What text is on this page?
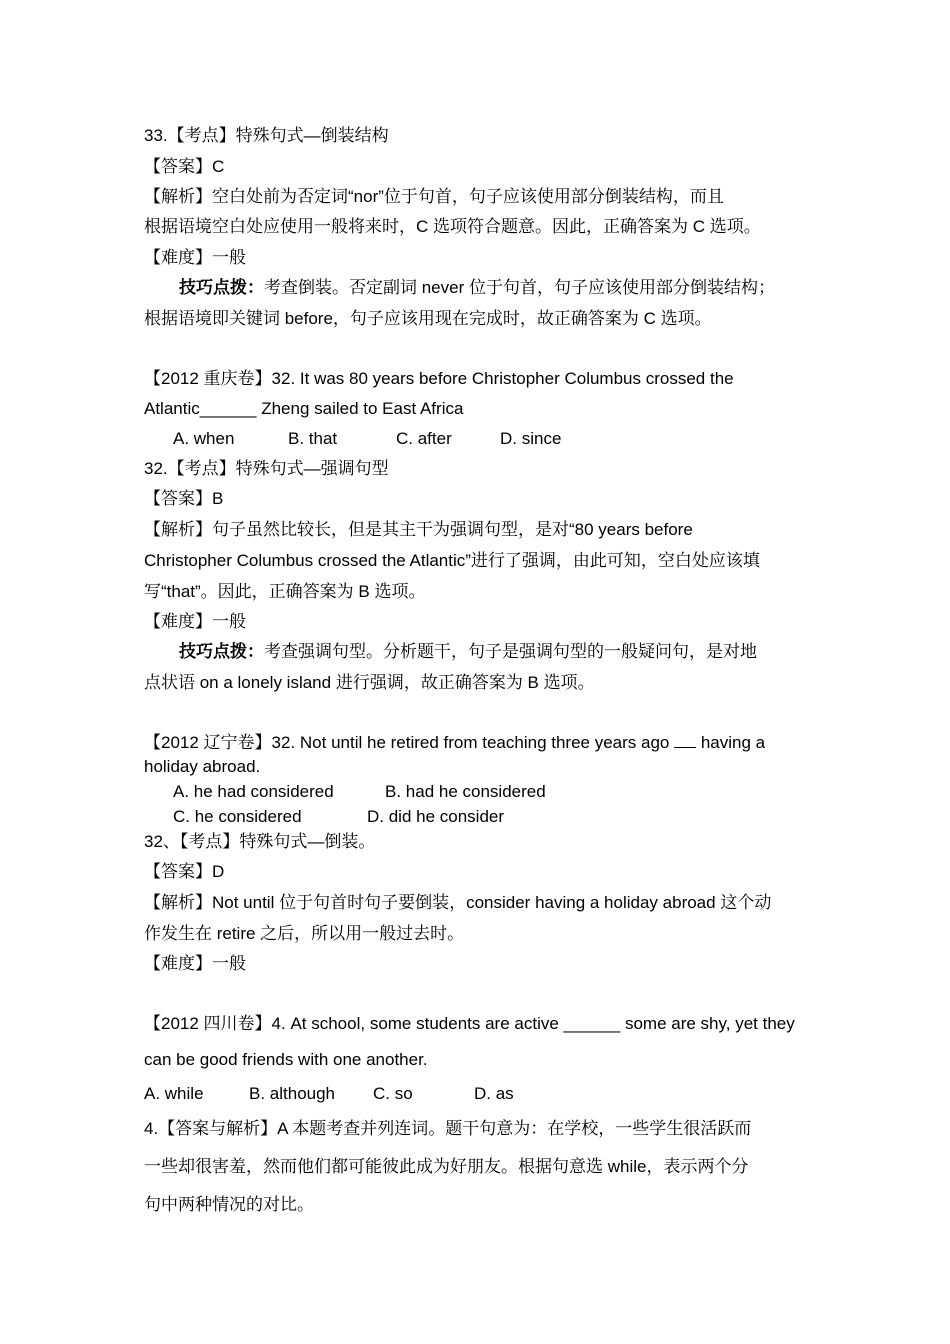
33.【考点】特殊句式—倒装结构
【答案】C
【解析】空白处前为否定词“nor”位于句首，句子应该使用部分倒装结构，而且
根据语境空白处应使用一般将来时，C 选项符合题意。因此，正确答案为 C 选项。
【难度】一般
技巧点拨：考查倒装。否定副词 never 位于句首，句子应该使用部分倒装结构；
根据语境即关键词 before，句子应该用现在完成时，故正确答案为 C 选项。
【2012 重庆卷】32. It was 80 years before Christopher Columbus crossed the
Atlantic______ Zheng sailed to East Africa
A. when	B. that	C. after	D. since
32.【考点】特殊句式—强调句型
【答案】B
【解析】句子虽然比较长，但是其主干为强调句型，是对“80 years before
Christopher Columbus crossed the Atlantic”进行了强调，由此可知，空白处应该填
写“that”。因此，正确答案为 B 选项。
【难度】一般
技巧点拨：考查强调句型。分析题干，句子是强调句型的一般疑问句，是对地
点状语 on a lonely island 进行强调，故正确答案为 B 选项。
【2012 辽宁卷】32. Not until he retired from teaching three years ago  having a
holiday abroad.
A. he had considered	B. had he considered
C. he considered	D. did he consider
32、【考点】特殊句式—倒装。
【答案】D
【解析】Not until 位于句首时句子要倒装，consider having a holiday abroad 这个动
作发生在 retire 之后，所以用一般过去时。
【难度】一般
【2012 四川卷】4. At school, some students are active ______ some are shy, yet they
can be good friends with one another.
A. while	B. although C. so	D. as
4.【答案与解析】A 本题考查并列连词。题干句意为：在学校，一些学生很活跃而
一些却很害羞，然而他们都可能彼此成为好朋友。根据句意选 while，表示两个分
句中两种情况的对比。
